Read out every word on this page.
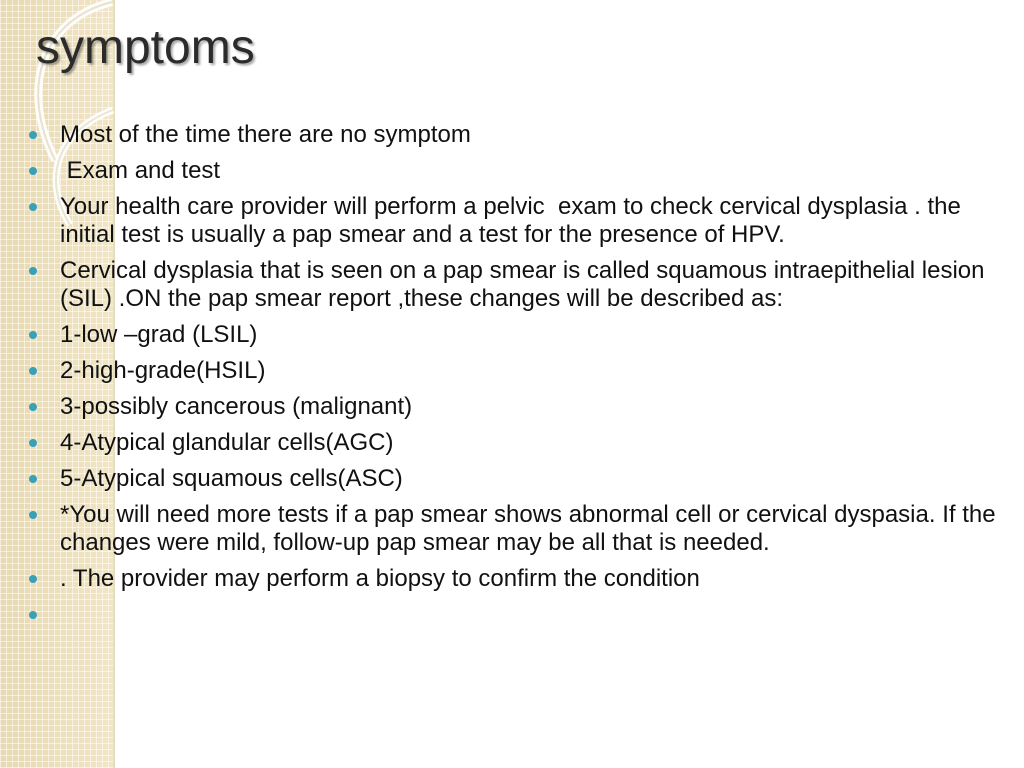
symptoms
Most of the time there are no symptom
Exam and test
Your health care provider will perform a pelvic  exam to check cervical dysplasia . the initial test is usually a pap smear and a test for the presence of HPV.
Cervical dysplasia that is seen on a pap smear is called squamous intraepithelial lesion (SIL) .ON the pap smear report ,these changes will be described as:
1-low –grad (LSIL)
2-high-grade(HSIL)
3-possibly cancerous (malignant)
4-Atypical glandular cells(AGC)
5-Atypical squamous cells(ASC)
*You will need more tests if a pap smear shows abnormal cell or cervical dyspasia. If the changes were mild, follow-up pap smear may be all that is needed.
. The provider may perform a biopsy to confirm the condition
